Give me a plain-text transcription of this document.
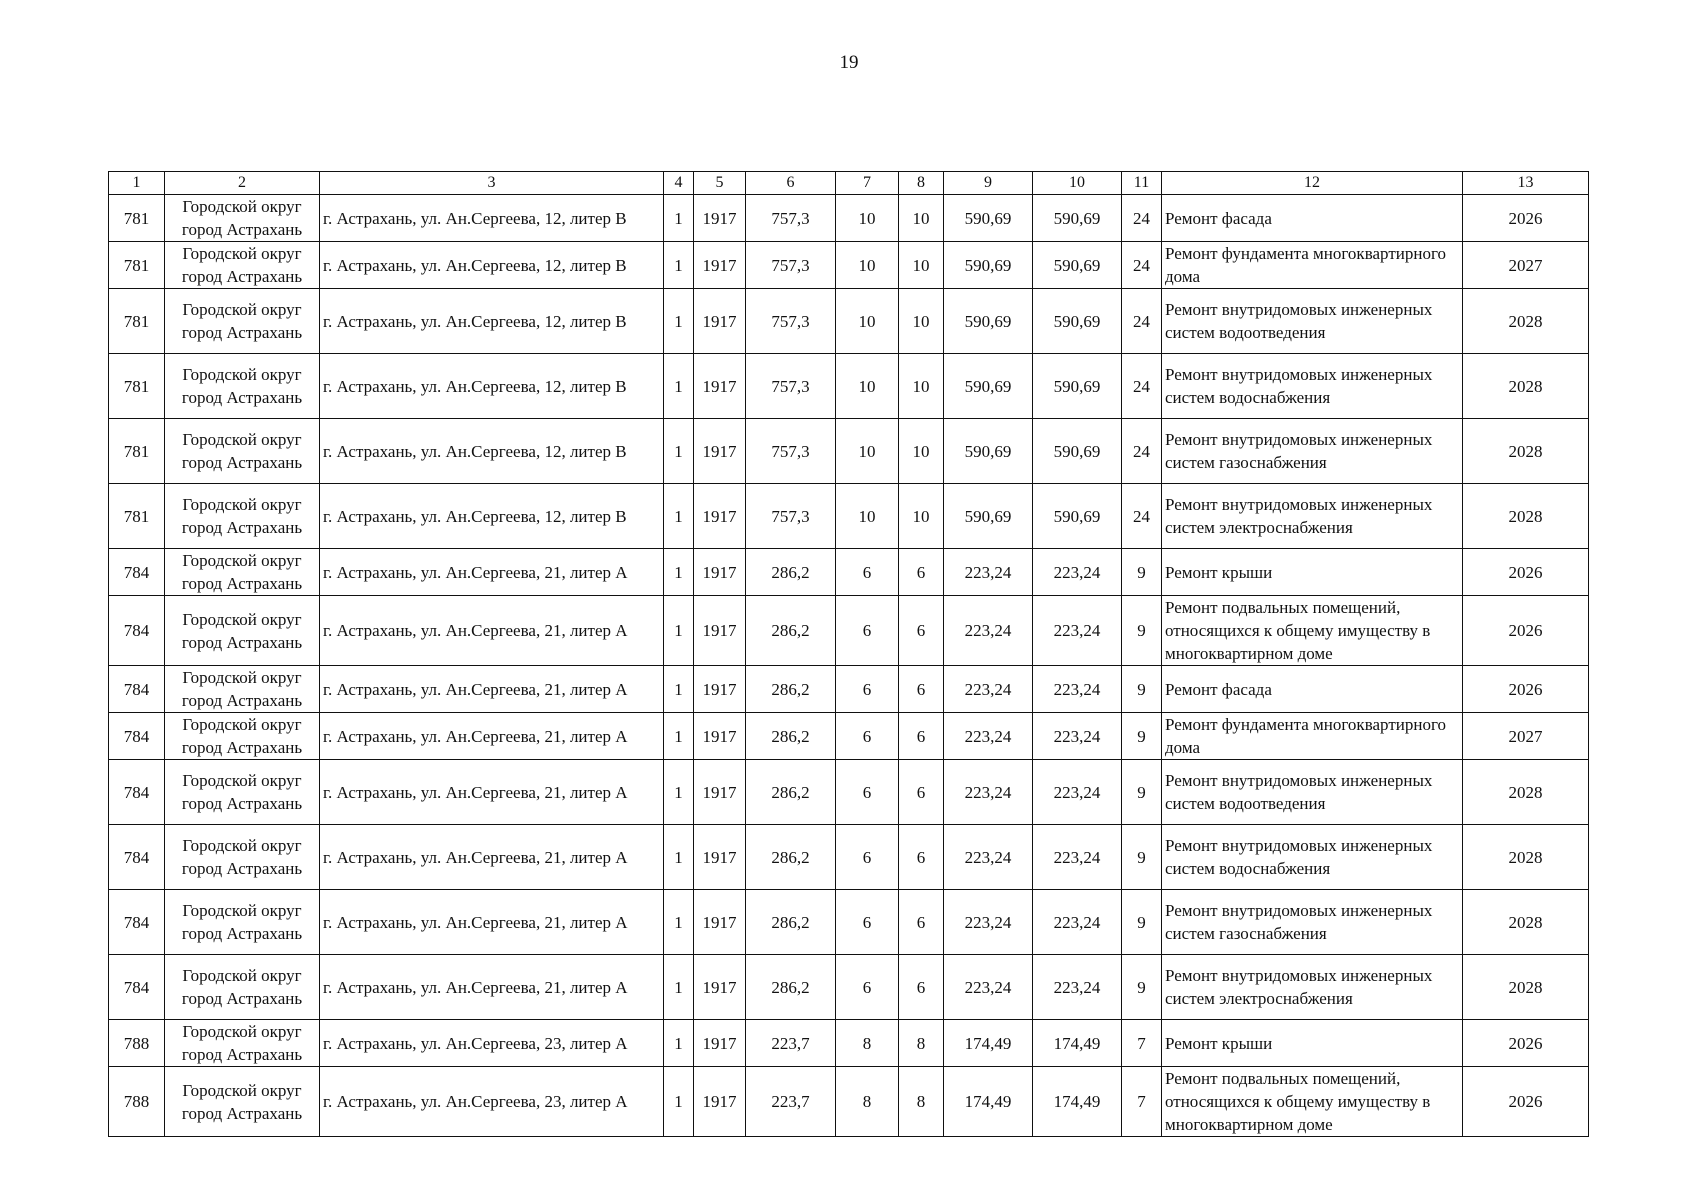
19
1	2	3	4	5	6	7	8	9	10	11	12	13
781	Городской округ город Астрахань	г. Астрахань, ул. Ан.Сергеева, 12, литер В	1	1917	757,3	10	10	590,69	590,69	24	Ремонт фасада	2026
781	Городской округ город Астрахань	г. Астрахань, ул. Ан.Сергеева, 12, литер В	1	1917	757,3	10	10	590,69	590,69	24	Ремонт фундамента многоквартирного дома	2027
781	Городской округ город Астрахань	г. Астрахань, ул. Ан.Сергеева, 12, литер В	1	1917	757,3	10	10	590,69	590,69	24	Ремонт внутридомовых инженерных систем водоотведения	2028
781	Городской округ город Астрахань	г. Астрахань, ул. Ан.Сергеева, 12, литер В	1	1917	757,3	10	10	590,69	590,69	24	Ремонт внутридомовых инженерных систем водоснабжения	2028
781	Городской округ город Астрахань	г. Астрахань, ул. Ан.Сергеева, 12, литер В	1	1917	757,3	10	10	590,69	590,69	24	Ремонт внутридомовых инженерных систем газоснабжения	2028
781	Городской округ город Астрахань	г. Астрахань, ул. Ан.Сергеева, 12, литер В	1	1917	757,3	10	10	590,69	590,69	24	Ремонт внутридомовых инженерных систем электроснабжения	2028
784	Городской округ город Астрахань	г. Астрахань, ул. Ан.Сергеева, 21, литер А	1	1917	286,2	6	6	223,24	223,24	9	Ремонт крыши	2026
784	Городской округ город Астрахань	г. Астрахань, ул. Ан.Сергеева, 21, литер А	1	1917	286,2	6	6	223,24	223,24	9	Ремонт подвальных помещений, относящихся к общему имуществу в многоквартирном доме	2026
784	Городской округ город Астрахань	г. Астрахань, ул. Ан.Сергеева, 21, литер А	1	1917	286,2	6	6	223,24	223,24	9	Ремонт фасада	2026
784	Городской округ город Астрахань	г. Астрахань, ул. Ан.Сергеева, 21, литер А	1	1917	286,2	6	6	223,24	223,24	9	Ремонт фундамента многоквартирного дома	2027
784	Городской округ город Астрахань	г. Астрахань, ул. Ан.Сергеева, 21, литер А	1	1917	286,2	6	6	223,24	223,24	9	Ремонт внутридомовых инженерных систем водоотведения	2028
784	Городской округ город Астрахань	г. Астрахань, ул. Ан.Сергеева, 21, литер А	1	1917	286,2	6	6	223,24	223,24	9	Ремонт внутридомовых инженерных систем водоснабжения	2028
784	Городской округ город Астрахань	г. Астрахань, ул. Ан.Сергеева, 21, литер А	1	1917	286,2	6	6	223,24	223,24	9	Ремонт внутридомовых инженерных систем газоснабжения	2028
784	Городской округ город Астрахань	г. Астрахань, ул. Ан.Сергеева, 21, литер А	1	1917	286,2	6	6	223,24	223,24	9	Ремонт внутридомовых инженерных систем электроснабжения	2028
788	Городской округ город Астрахань	г. Астрахань, ул. Ан.Сергеева, 23, литер А	1	1917	223,7	8	8	174,49	174,49	7	Ремонт крыши	2026
788	Городской округ город Астрахань	г. Астрахань, ул. Ан.Сергеева, 23, литер А	1	1917	223,7	8	8	174,49	174,49	7	Ремонт подвальных помещений, относящихся к общему имуществу в многоквартирном доме	2026
